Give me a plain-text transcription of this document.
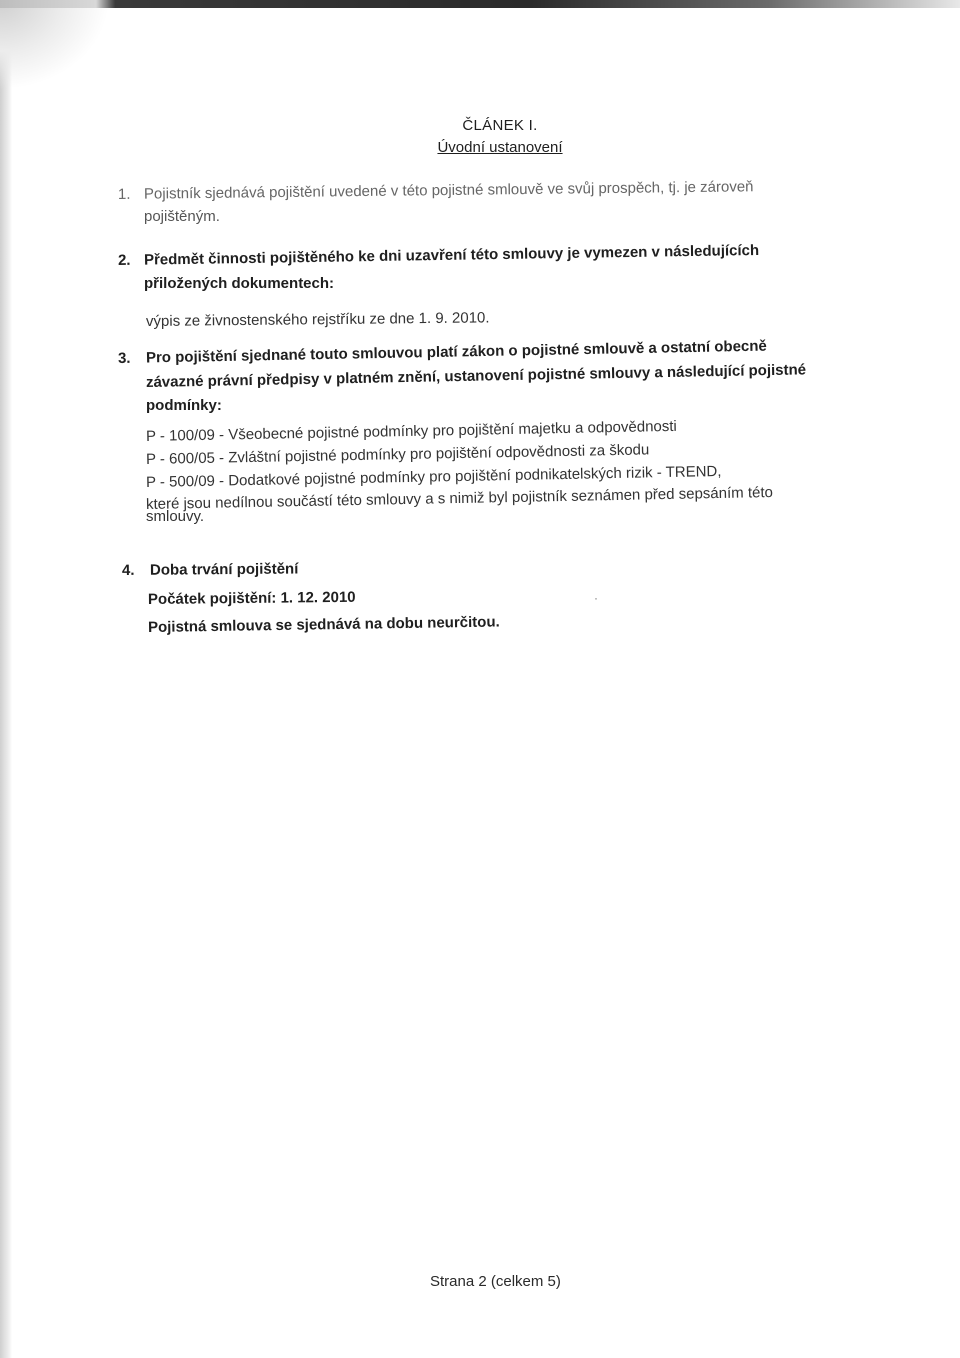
ČLÁNEK I.
Úvodní ustanovení
1. Pojistník sjednává pojištění uvedené v této pojistné smlouvě ve svůj prospěch, tj. je zároveň
pojištěným.
2. Předmět činnosti pojištěného ke dni uzavření této smlouvy je vymezen v následujících
přiložených dokumentech:
výpis ze živnostenského rejstříku ze dne 1. 9. 2010.
3. Pro pojištění sjednané touto smlouvou platí zákon o pojistné smlouvě a ostatní obecně
závazné právní předpisy v platném znění, ustanovení pojistné smlouvy a následující pojistné
podmínky:
P - 100/09 - Všeobecné pojistné podmínky pro pojištění majetku a odpovědnosti
P - 600/05 - Zvláštní pojistné podmínky pro pojištění odpovědnosti za škodu
P - 500/09 - Dodatkové pojistné podmínky pro pojištění podnikatelských rizik - TREND,
které jsou nedílnou součástí této smlouvy a s nimiž byl pojistník seznámen před sepsáním této
smlouvy.
4. Doba trvání pojištění
Počátek pojištění: 1. 12. 2010
Pojistná smlouva se sjednává na dobu neurčitou.
·
Strana 2 (celkem 5)
